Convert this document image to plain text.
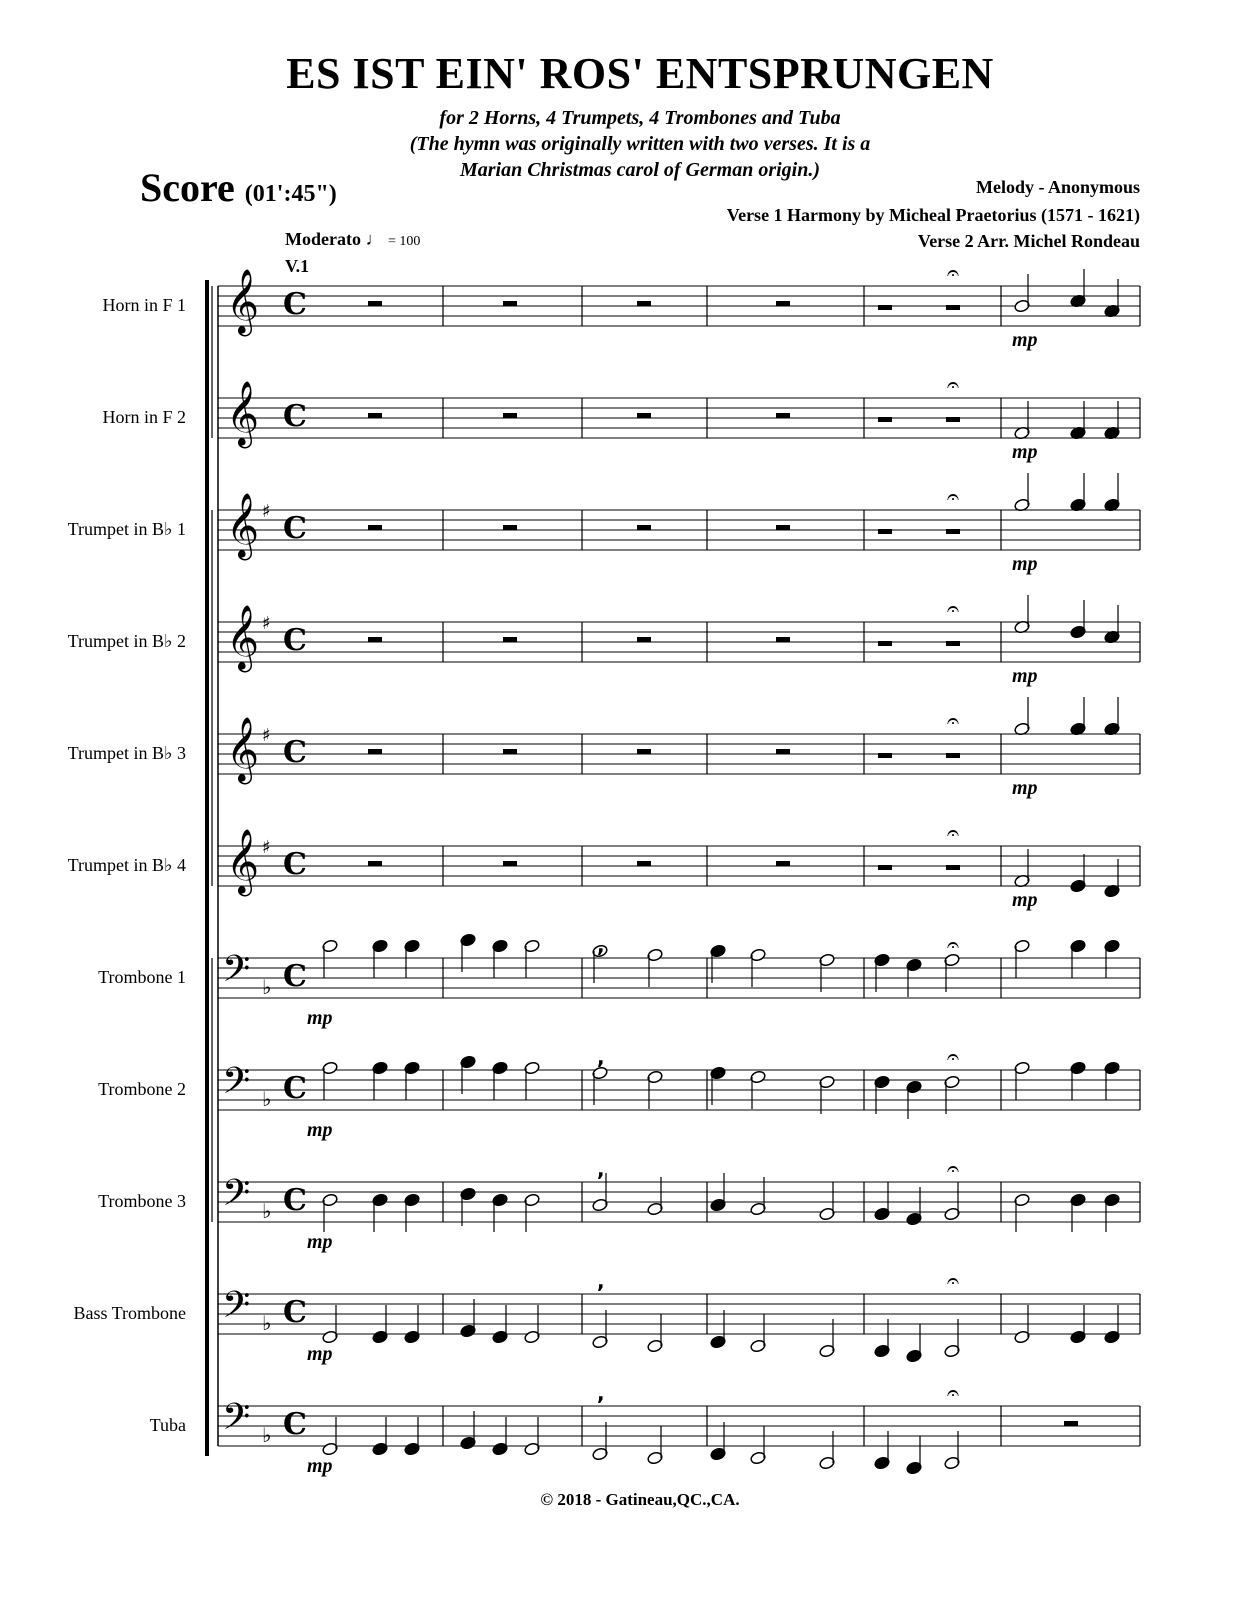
ES IST EIN' ROS' ENTSPRUNGEN
for 2 Horns, 4 Trumpets, 4 Trombones and Tuba
(The hymn was originally written with two verses. It is a
Marian Christmas carol of German origin.)
Score (01':45")	Melody - Anonymous
Verse 1 Harmony by Micheal Praetorius (1571 - 1621)
Verse 2 Arr. Michel Rondeau
Moderato ♩ = 100
V.1
Horn in F 1
Horn in F 2
Trumpet in B♭ 1
Trumpet in B♭ 2
Trumpet in B♭ 3
Trumpet in B♭ 4
Trombone 1
Trombone 2
Trombone 3
Bass Trombone
Tuba
𝄞 C
𝄐
mp
𝄞 C
𝄐
mp
𝄞 ♯ C
𝄐
mp
𝄞 ♯ C
𝄐
mp
𝄞 ♯ C
𝄐
mp
𝄞 ♯ C
𝄐
mp
𝄢 ♭ C
,	𝄐
mp
𝄢 ♭ C
,	𝄐
mp
𝄢 ♭ C
,	𝄐
mp
𝄢 ♭ C
,	𝄐
mp
𝄢 ♭ C
,	𝄐
mp
© 2018 - Gatineau,QC.,CA.
